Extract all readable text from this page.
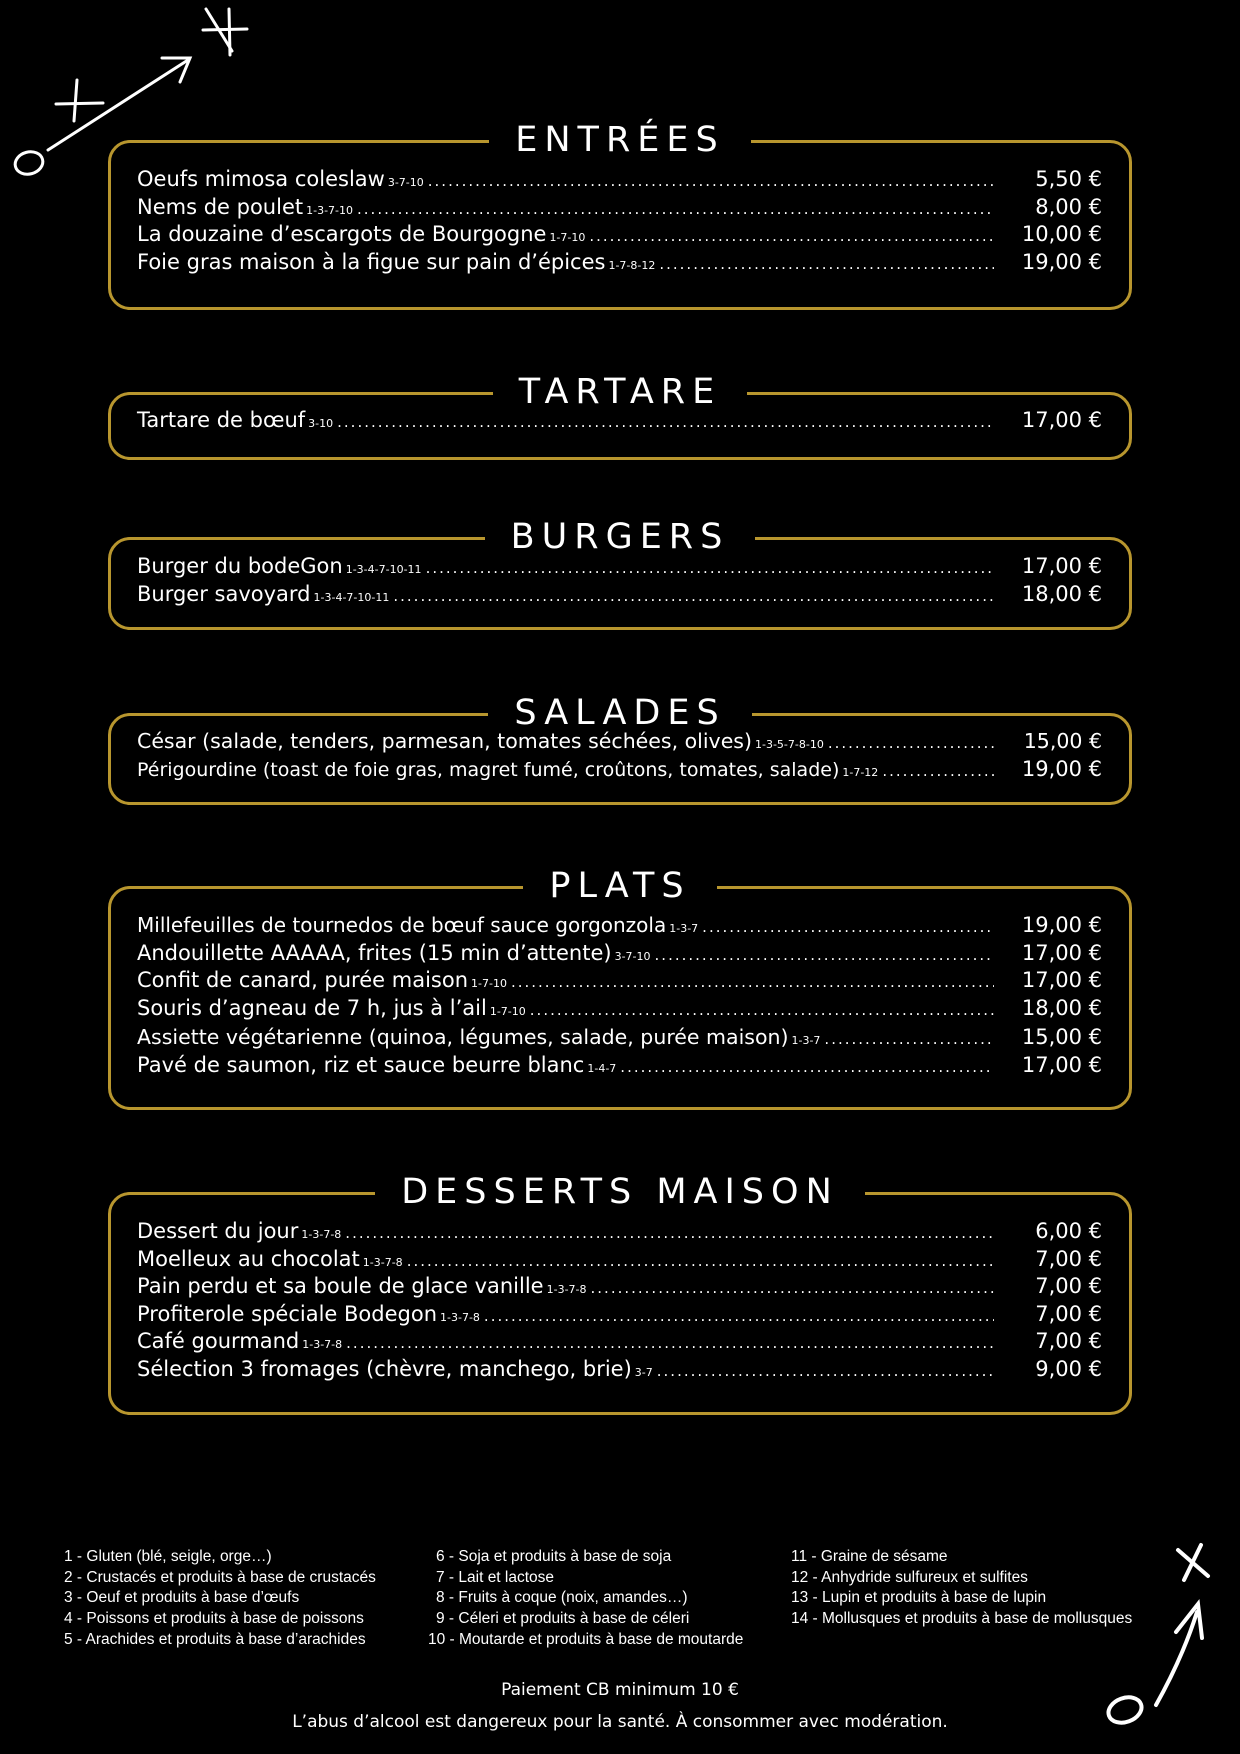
ENTRÉES
Oeufs mimosa coleslaw 3-7-10 .....	5,50 €
Nems de poulet 1-3-7-10 .....	8,00 €
La douzaine d’escargots de Bourgogne 1-7-10 .....	10,00 €
Foie gras maison à la figue sur pain d’épices 1-7-8-12 .....	19,00 €
TARTARE
Tartare de bœuf 3-10 .....	17,00 €
BURGERS
Burger du bodeGon 1-3-4-7-10-11 .....	17,00 €
Burger savoyard 1-3-4-7-10-11 .....	18,00 €
SALADES
César (salade, tenders, parmesan, tomates séchées, olives) 1-3-5-7-8-10 .....	15,00 €
Périgourdine (toast de foie gras, magret fumé, croûtons, tomates, salade) 1-7-12 .....	19,00 €
PLATS
Millefeuilles de tournedos de bœuf sauce gorgonzola 1-3-7 .....	19,00 €
Andouillette AAAAA, frites (15 min d’attente) 3-7-10 .....	17,00 €
Confit de canard, purée maison 1-7-10 .....	17,00 €
Souris d’agneau de 7 h, jus à l’ail 1-7-10 .....	18,00 €
Assiette végétarienne (quinoa, légumes, salade, purée maison) 1-3-7 .....	15,00 €
Pavé de saumon, riz et sauce beurre blanc 1-4-7 .....	17,00 €
DESSERTS MAISON
Dessert du jour 1-3-7-8 .....	6,00 €
Moelleux au chocolat 1-3-7-8 .....	7,00 €
Pain perdu et sa boule de glace vanille 1-3-7-8 .....	7,00 €
Profiterole spéciale Bodegon 1-3-7-8 .....	7,00 €
Café gourmand 1-3-7-8 .....	7,00 €
Sélection 3 fromages (chèvre, manchego, brie) 3-7 .....	9,00 €
1 - Gluten (blé, seigle, orge…)
2 - Crustacés et produits à base de crustacés
3 - Oeuf et produits à base d’œufs
4 - Poissons et produits à base de poissons
5 - Arachides et produits à base d’arachides
6 - Soja et produits à base de soja
7 - Lait et lactose
8 - Fruits à coque (noix, amandes…)
9 - Céleri et produits à base de céleri
10 - Moutarde et produits à base de moutarde
11 - Graine de sésame
12 - Anhydride sulfureux et sulfites
13 - Lupin et produits à base de lupin
14 - Mollusques et produits à base de mollusques
Paiement CB minimum 10 €
L’abus d’alcool est dangereux pour la santé. À consommer avec modération.
